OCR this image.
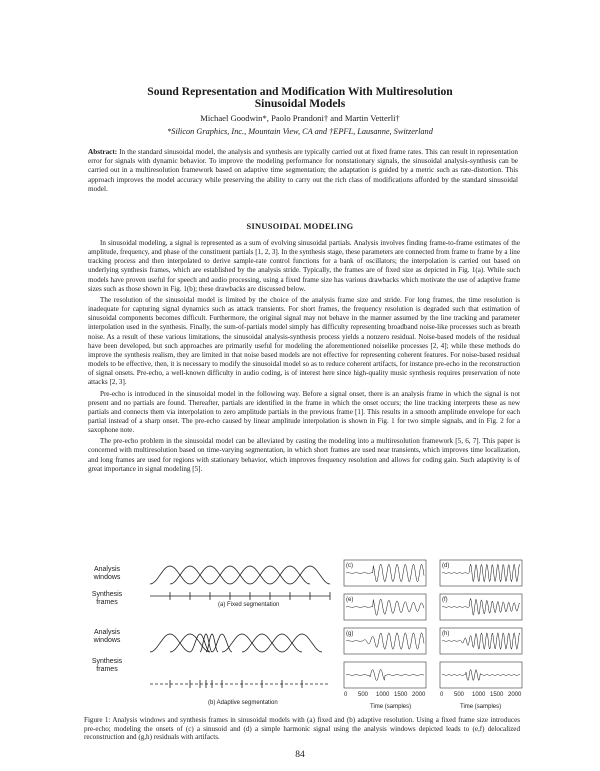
Sound Representation and Modification With Multiresolution
Sinusoidal Models
Michael Goodwin*, Paolo Prandoni† and Martin Vetterli†
*Silicon Graphics, Inc., Mountain View, CA and †EPFL, Lausanne, Switzerland
Abstract: In the standard sinusoidal model, the analysis and synthesis are typically carried out at fixed frame rates. This can result in representation error for signals with dynamic behavior. To improve the modeling performance for nonstationary signals, the sinusoidal analysis-synthesis can be carried out in a multiresolution framework based on adaptive time segmentation; the adaptation is guided by a metric such as rate-distortion. This approach improves the model accuracy while preserving the ability to carry out the rich class of modifications afforded by the standard sinusoidal model.
SINUSOIDAL MODELING

In sinusoidal modeling, a signal is represented as a sum of evolving sinusoidal partials. Analysis involves finding frame-to-frame estimates of the amplitude, frequency, and phase of the constituent partials [1, 2, 3]. In the synthesis stage, these parameters are connected from frame to frame by a line tracking process and then interpolated to derive sample-rate control functions for a bank of oscillators; the interpolation is carried out based on underlying synthesis frames, which are established by the analysis stride. Typically, the frames are of fixed size as depicted in Fig. 1(a). While such models have proven useful for speech and audio processing, using a fixed frame size has various drawbacks which motivate the use of adaptive frame sizes such as those shown in Fig. 1(b); these drawbacks are discussed below.

The resolution of the sinusoidal model is limited by the choice of the analysis frame size and stride. For long frames, the time resolution is inadequate for capturing signal dynamics such as attack transients. For short frames, the frequency resolution is degraded such that estimation of sinusoidal components becomes difficult. Furthermore, the original signal may not behave in the manner assumed by the line tracking and parameter interpolation used in the synthesis. Finally, the sum-of-partials model simply has difficulty representing broadband noise-like processes such as breath noise. As a result of these various limitations, the sinusoidal analysis-synthesis process yields a nonzero residual. Noise-based models of the residual have been developed, but such approaches are primarily useful for modeling the aforementioned noiselike processes [2, 4]; while these methods do improve the synthesis realism, they are limited in that noise based models are not effective for representing coherent features. For noise-based residual models to be effective, then, it is necessary to modify the sinusoidal model so as to reduce coherent artifacts, for instance pre-echo in the reconstruction of signal onsets. Pre-echo, a well-known difficulty in audio coding, is of interest here since high-quality music synthesis requires preservation of note attacks [2, 3].

Pre-echo is introduced in the sinusoidal model in the following way. Before a signal onset, there is an analysis frame in which the signal is not present and no partials are found. Thereafter, partials are identified in the frame in which the onset occurs; the line tracking interprets these as new partials and connects them via interpolation to zero amplitude partials in the previous frame [1]. This results in a smooth amplitude envelope for each partial instead of a sharp onset. The pre-echo caused by linear amplitude interpolation is shown in Fig. 1 for two simple signals, and in Fig. 2 for a saxophone note.

The pre-echo problem in the sinusoidal model can be alleviated by casting the modeling into a multiresolution framework [5, 6, 7]. This paper is concerned with multiresolution based on time-varying segmentation, in which short frames are used near transients, which improves time localization, and long frames are used for regions with stationary behavior, which improves frequency resolution and allows for coding gain. Such adaptivity is of great importance in signal modeling [5].

Analysis windows
Synthesis frames
Analysis windows
Synthesis frames
(a) Fixed segmentation
(b) Adaptive segmentation
(c)	(d)
(e)	(f)
(g)	(h)
0 500 1000 1500 2000 0 500 1000 1500 2000
Time (samples)	Time (samples)
Figure 1: Analysis windows and synthesis frames in sinusoidal models with (a) fixed and (b) adaptive resolution. Using a fixed frame size introduces pre-echo; modeling the onsets of (c) a sinusoid and (d) a simple harmonic signal using the analysis windows depicted leads to (e,f) delocalized reconstruction and (g,h) residuals with artifacts.
84
